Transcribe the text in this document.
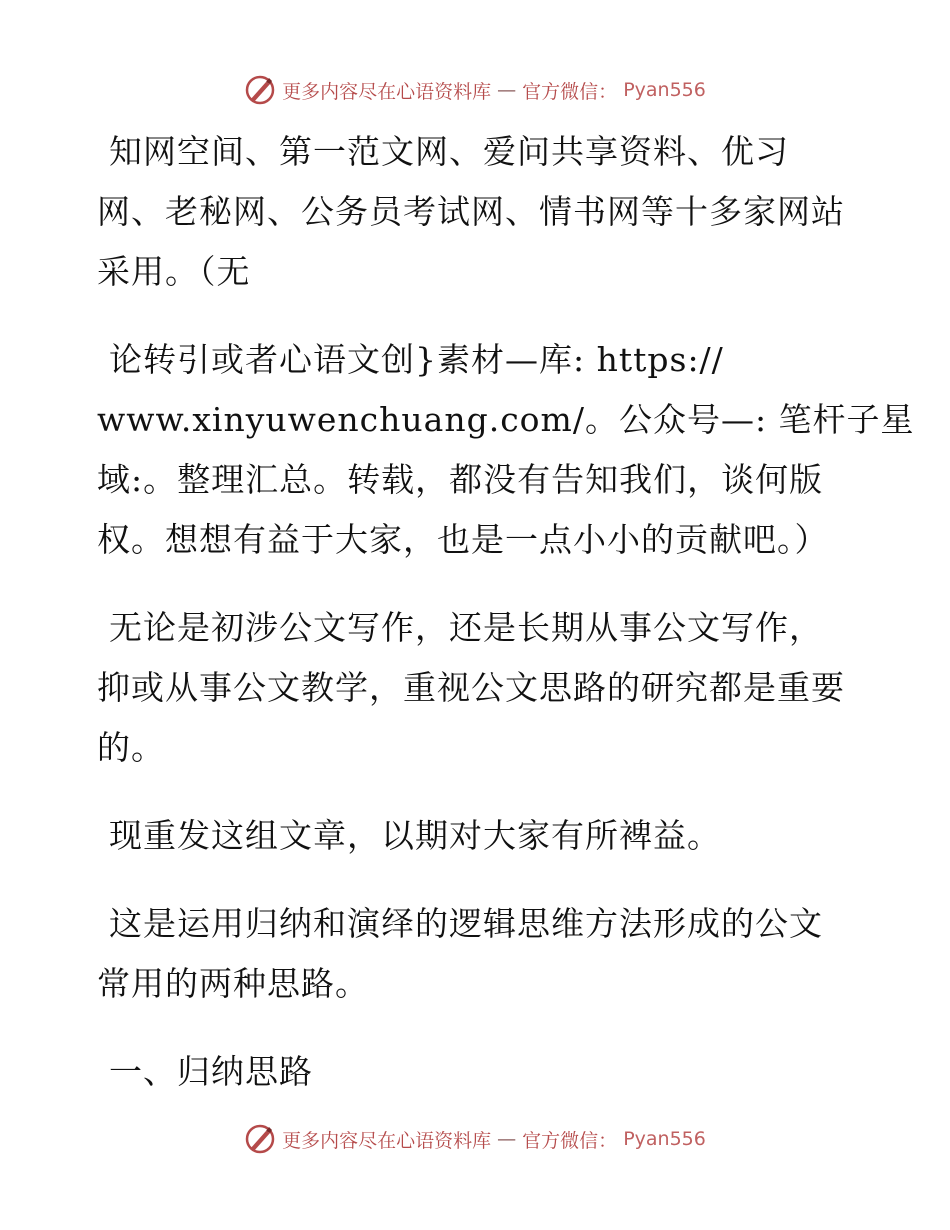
更多内容尽在心语资料库 — 官方微信： Pyan556

知网空间、第一范文网、爱问共享资料、优习
网、老秘网、公务员考试网、情书网等十多家网站
采用。（无

论转引或者心语文创}素材—库: https://
www.xinyuwenchuang.com/。公众号—: 笔杆子星
域:。整理汇总。转载，都没有告知我们，谈何版
权。想想有益于大家，也是一点小小的贡献吧。）

无论是初涉公文写作，还是长期从事公文写作，
抑或从事公文教学，重视公文思路的研究都是重要
的。

现重发这组文章，以期对大家有所裨益。

这是运用归纳和演绎的逻辑思维方法形成的公文
常用的两种思路。

一、归纳思路

更多内容尽在心语资料库 — 官方微信： Pyan556
